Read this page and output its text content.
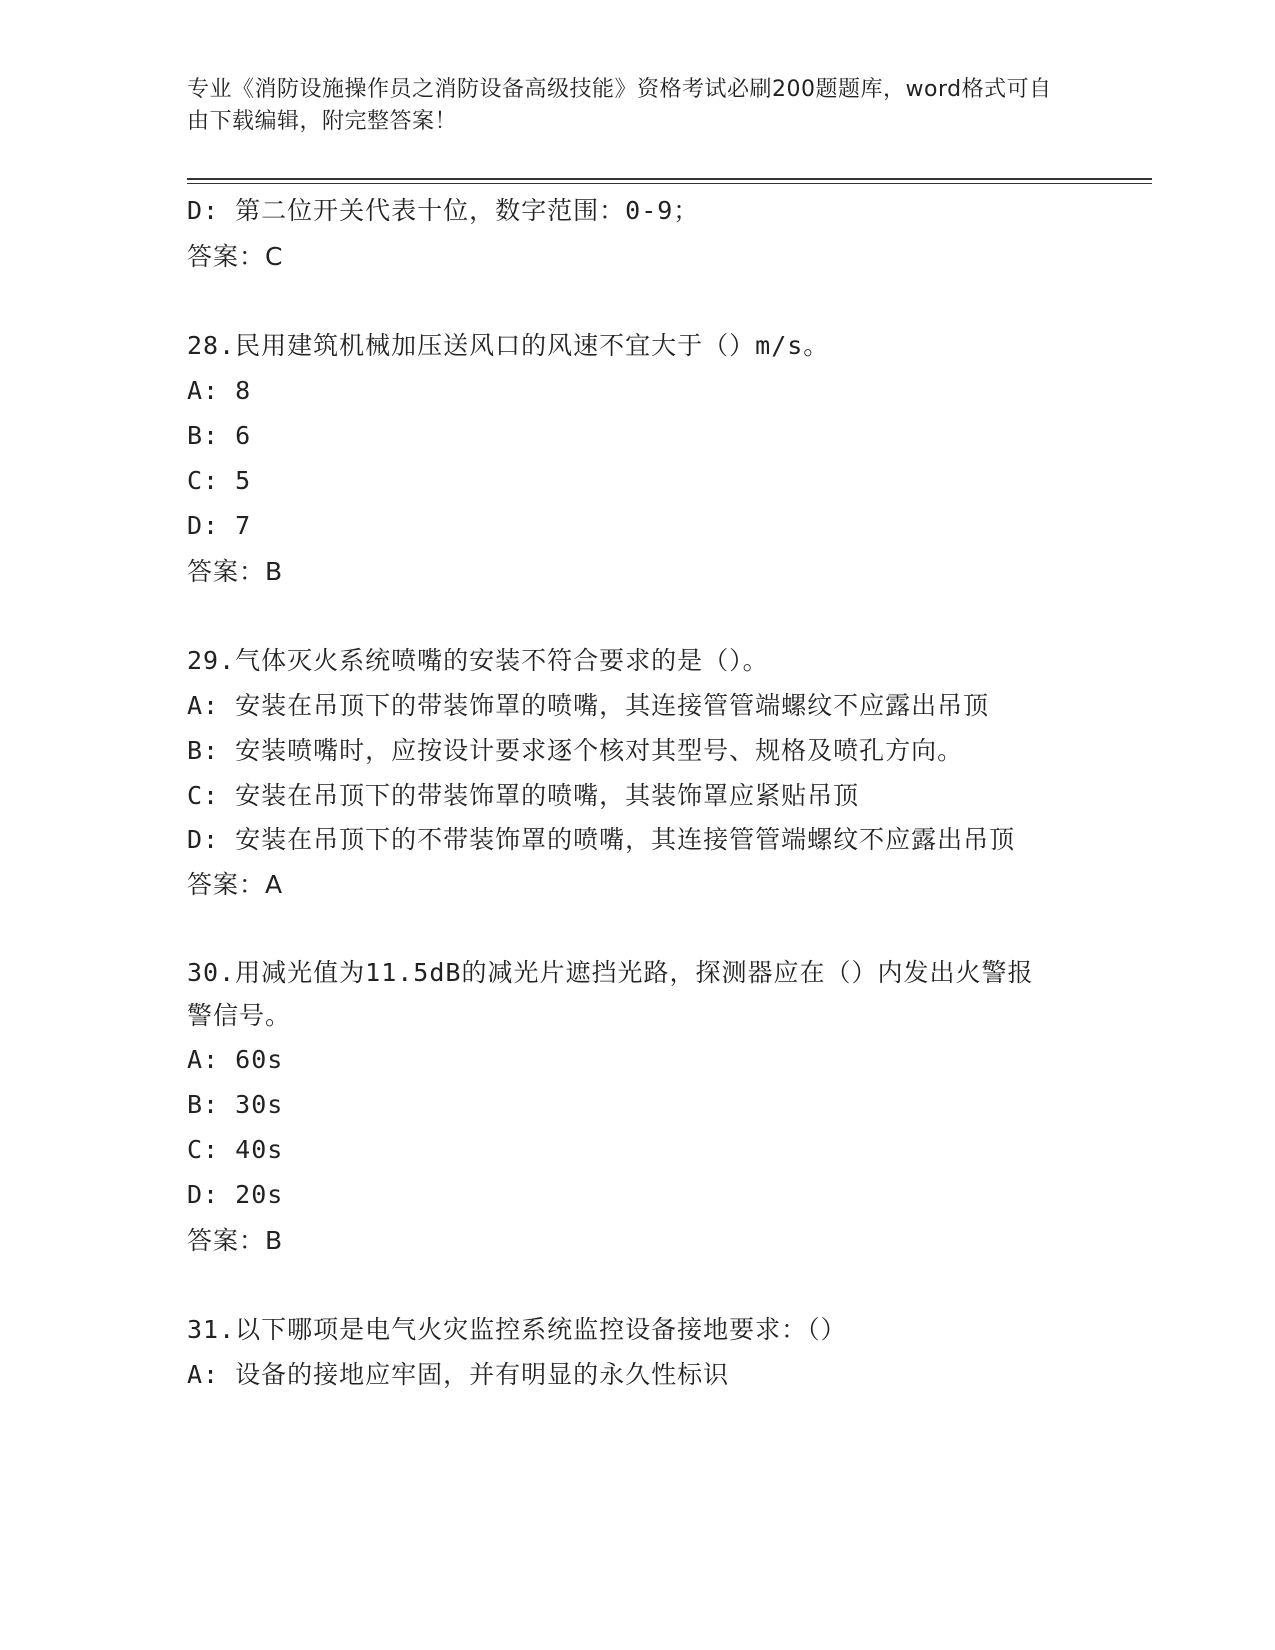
专业《消防设施操作员之消防设备高级技能》资格考试必刷200题题库，word格式可自由下载编辑，附完整答案！
D: 第二位开关代表十位，数字范围：0-9；
答案：C
28.民用建筑机械加压送风口的风速不宜大于（）m/s。
A: 8
B: 6
C: 5
D: 7
答案：B
29.气体灭火系统喷嘴的安装不符合要求的是（）。
A: 安装在吊顶下的带装饰罩的喷嘴，其连接管管端螺纹不应露出吊顶
B: 安装喷嘴时，应按设计要求逐个核对其型号、规格及喷孔方向。
C: 安装在吊顶下的带装饰罩的喷嘴，其装饰罩应紧贴吊顶
D: 安装在吊顶下的不带装饰罩的喷嘴，其连接管管端螺纹不应露出吊顶
答案：A
30.用减光值为11.5dB的减光片遮挡光路，探测器应在（）内发出火警报警信号。
A: 60s
B: 30s
C: 40s
D: 20s
答案：B
31.以下哪项是电气火灾监控系统监控设备接地要求：（）
A: 设备的接地应牢固，并有明显的永久性标识
